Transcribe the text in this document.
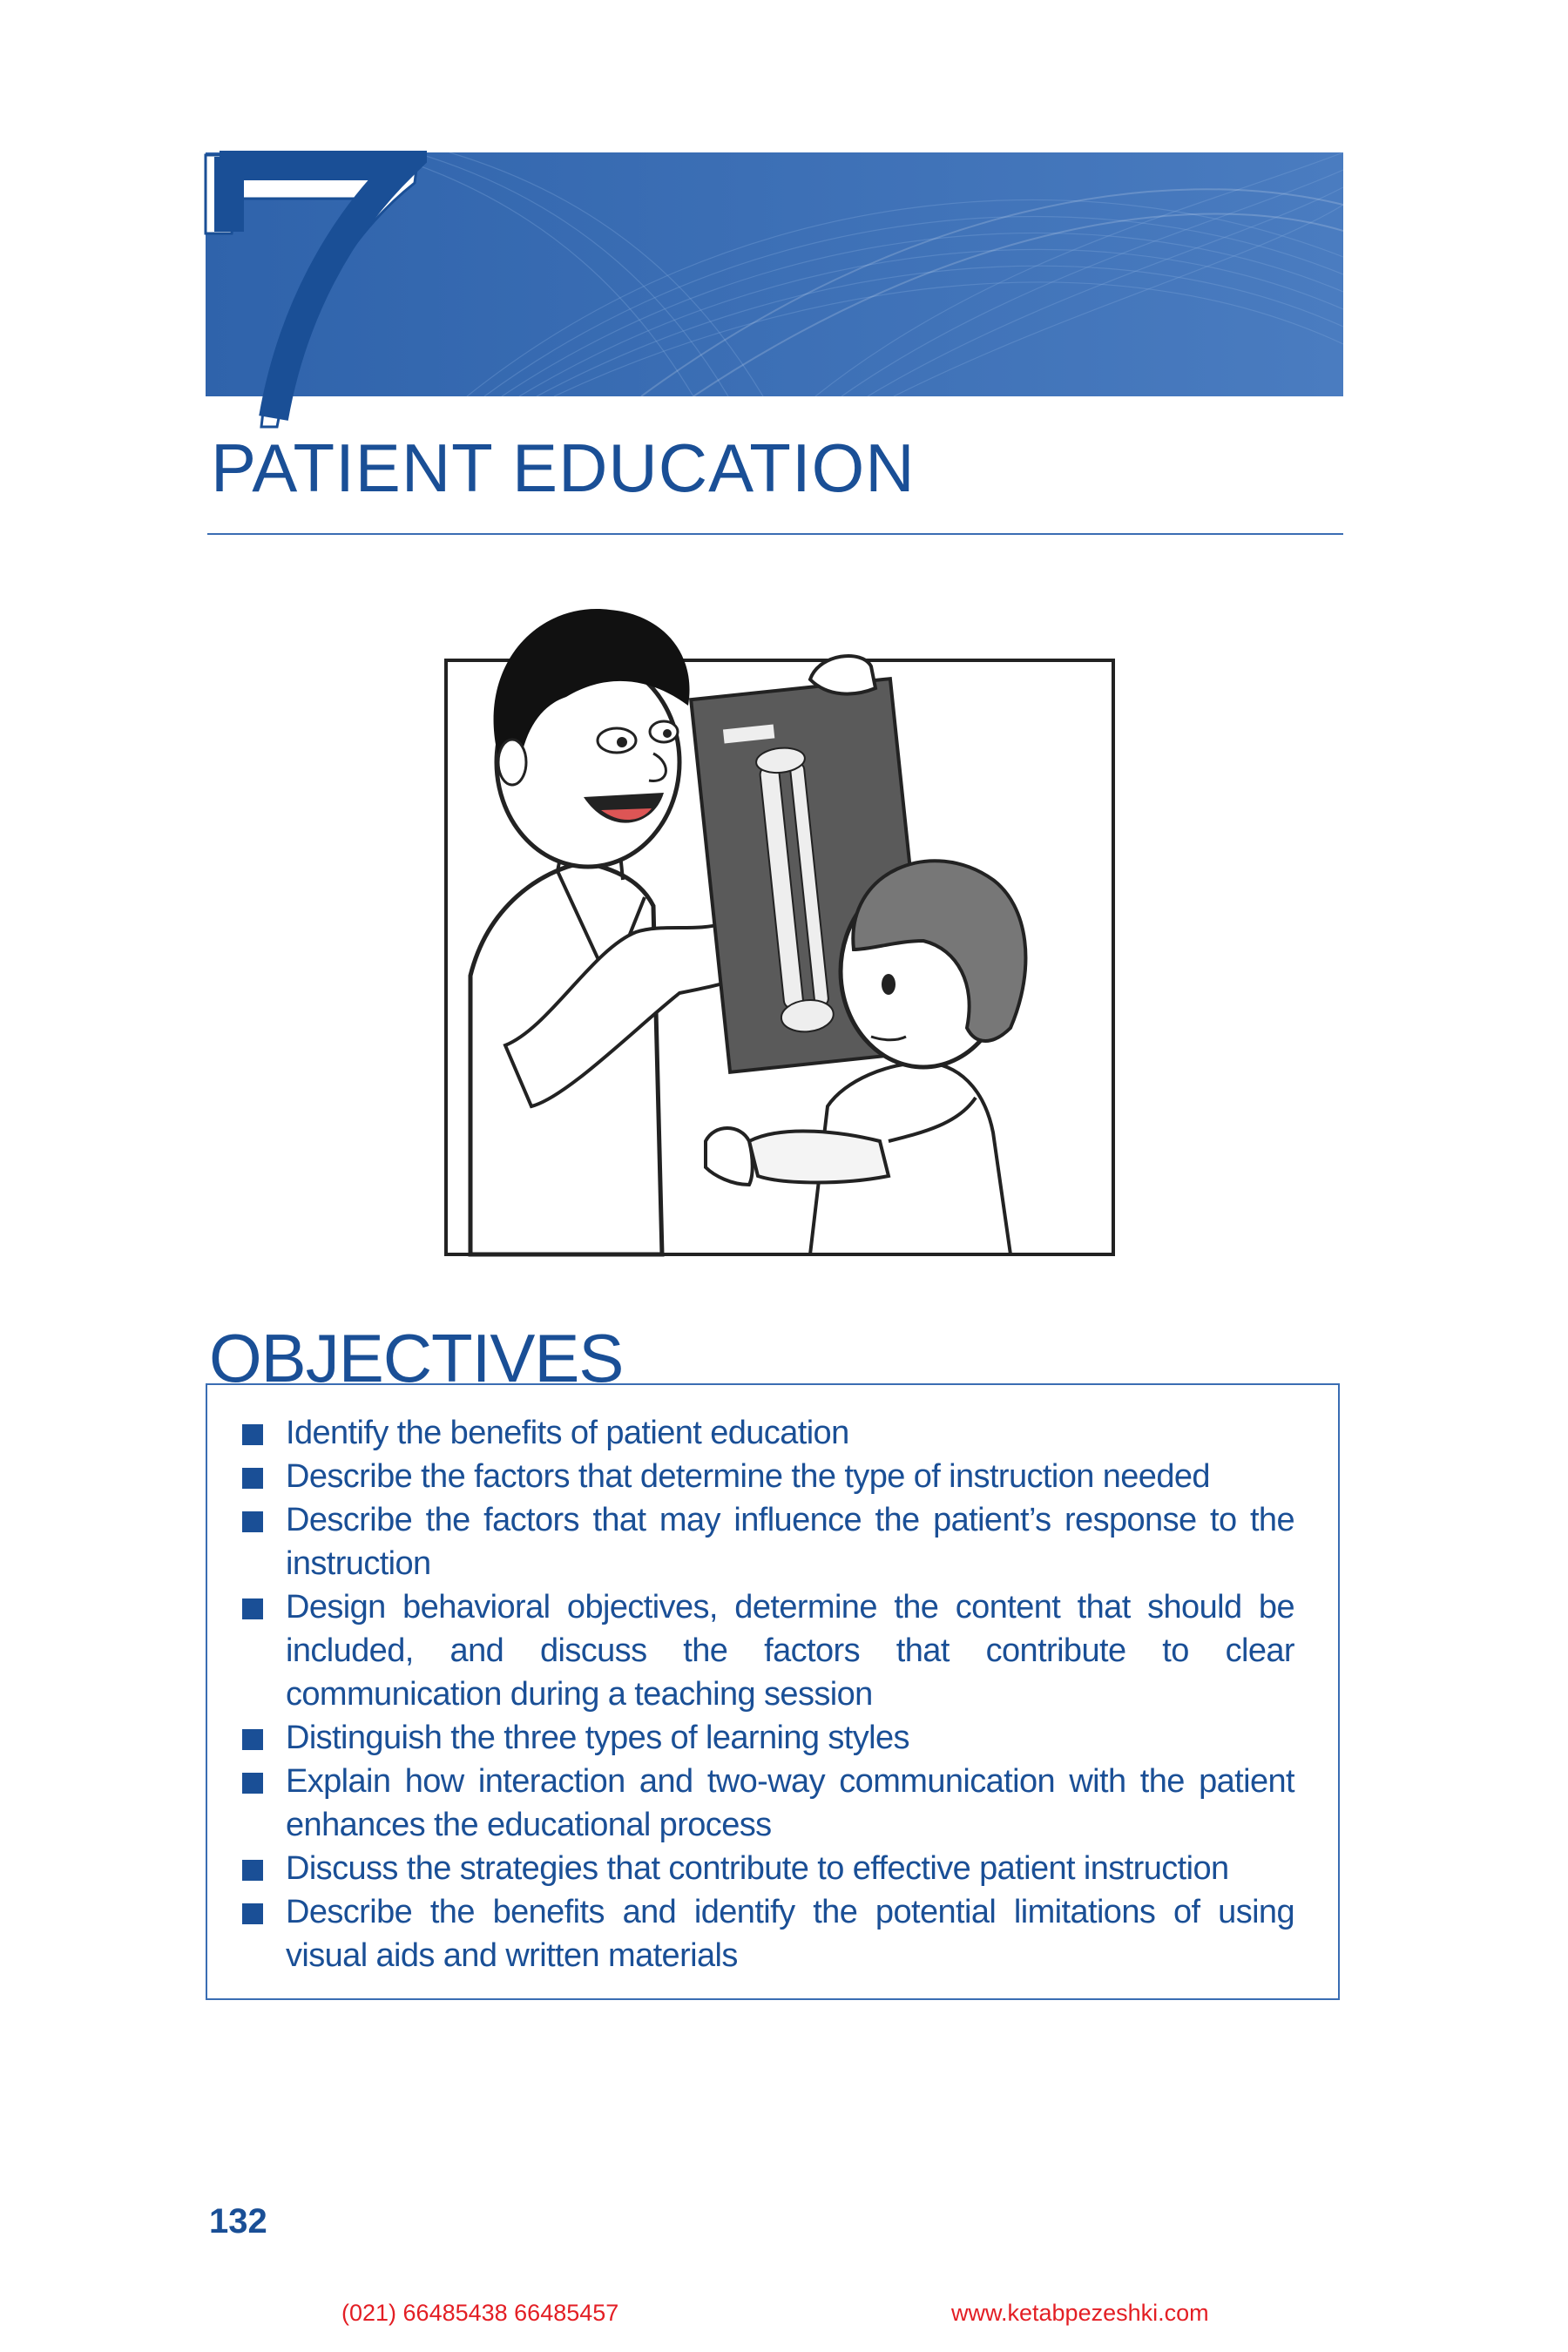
PATIENT EDUCATION
OBJECTIVES
Identify the benefits of patient education
Describe the factors that determine the type of instruction needed
Describe the factors that may influence the patient’s response to the instruction
Design behavioral objectives, determine the content that should be included, and discuss the factors that contribute to clear communication during a teaching session
Distinguish the three types of learning styles
Explain how interaction and two-way communication with the patient enhances the educational process
Discuss the strategies that contribute to effective patient instruction
Describe the benefits and identify the potential limitations of using visual aids and written materials
132
(021) 66485438 66485457	www.ketabpezeshki.com
